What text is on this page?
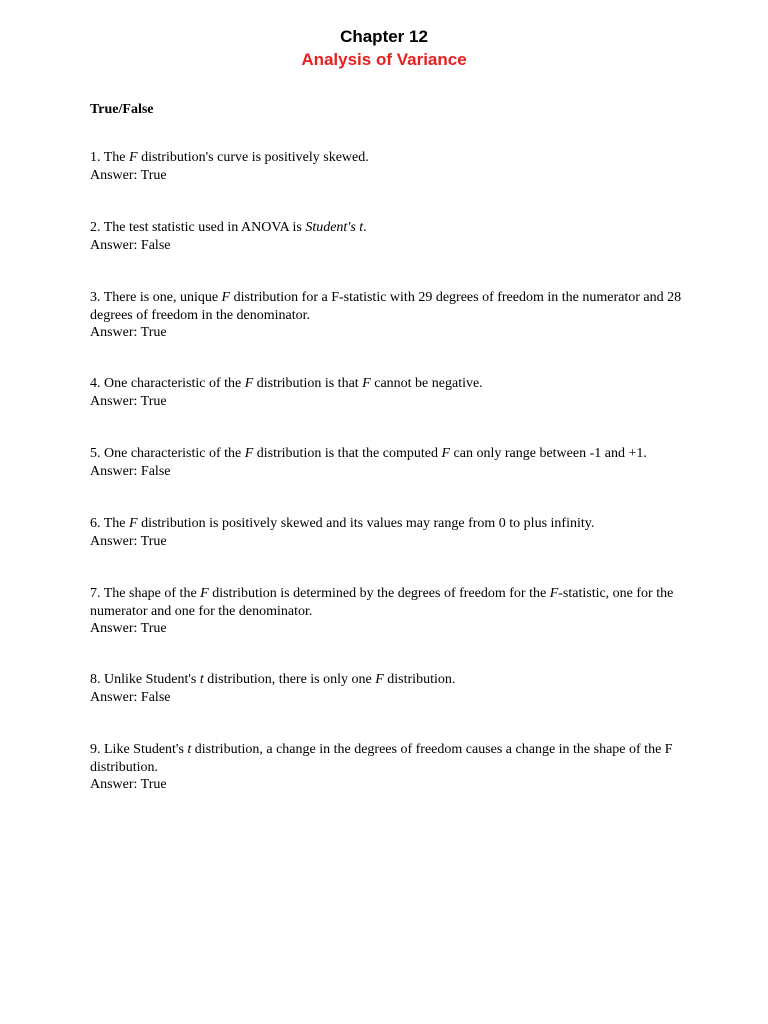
Chapter 12
Analysis of Variance
True/False

1. The F distribution's curve is positively skewed.

Answer: True

2. The test statistic used in ANOVA is Student's t.

Answer: False

3. There is one, unique F distribution for a F-statistic with 29 degrees of freedom in the numerator and 28 degrees of freedom in the denominator.

Answer: True

4. One characteristic of the F distribution is that F cannot be negative.

Answer: True

5. One characteristic of the F distribution is that the computed F can only range between -1 and +1.

Answer: False

6. The F distribution is positively skewed and its values may range from 0 to plus infinity.

Answer: True

7. The shape of the F distribution is determined by the degrees of freedom for the F-statistic, one for the numerator and one for the denominator.

Answer: True

8. Unlike Student's t distribution, there is only one F distribution.

Answer: False

9. Like Student's t distribution, a change in the degrees of freedom causes a change in the shape of the F distribution.

Answer: True
